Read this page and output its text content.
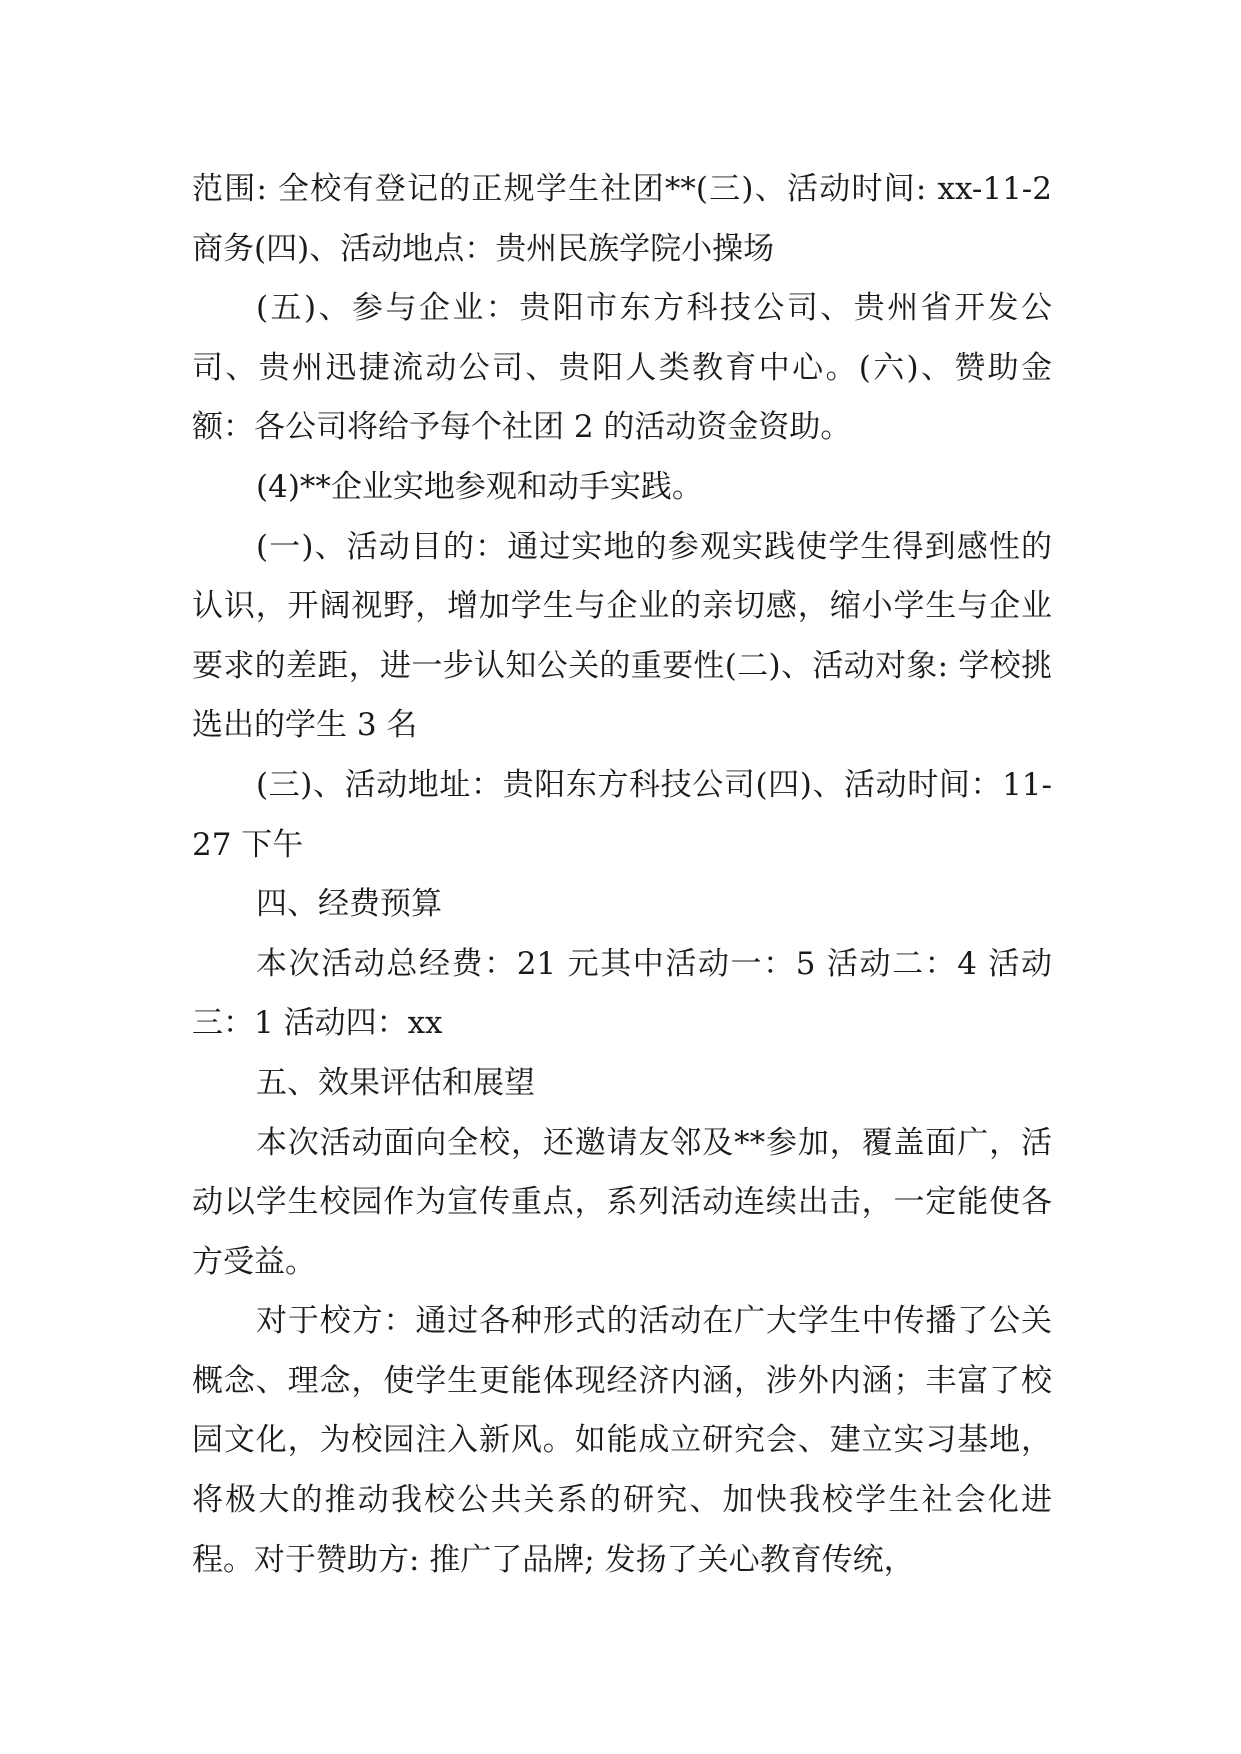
范围: 全校有登记的正规学生社团**(三)、活动时间: xx-11-2 商务(四)、活动地点：贵州民族学院小操场

(五)、参与企业：贵阳市东方科技公司、贵州省开发公司、贵州迅捷流动公司、贵阳人类教育中心。(六)、赞助金额：各公司将给予每个社团 2 的活动资金资助。

(4)**企业实地参观和动手实践。

(一)、活动目的：通过实地的参观实践使学生得到感性的认识，开阔视野，增加学生与企业的亲切感，缩小学生与企业要求的差距，进一步认知公关的重要性(二)、活动对象: 学校挑选出的学生 3 名

(三)、活动地址：贵阳东方科技公司(四)、活动时间：11-27 下午

四、经费预算

本次活动总经费：21 元其中活动一：5 活动二：4 活动三：1 活动四：xx

五、效果评估和展望

本次活动面向全校，还邀请友邻及**参加，覆盖面广，活动以学生校园作为宣传重点，系列活动连续出击，一定能使各方受益。

对于校方：通过各种形式的活动在广大学生中传播了公关概念、理念，使学生更能体现经济内涵，涉外内涵；丰富了校园文化，为校园注入新风。如能成立研究会、建立实习基地，将极大的推动我校公共关系的研究、加快我校学生社会化进程。对于赞助方: 推广了品牌; 发扬了关心教育传统，
